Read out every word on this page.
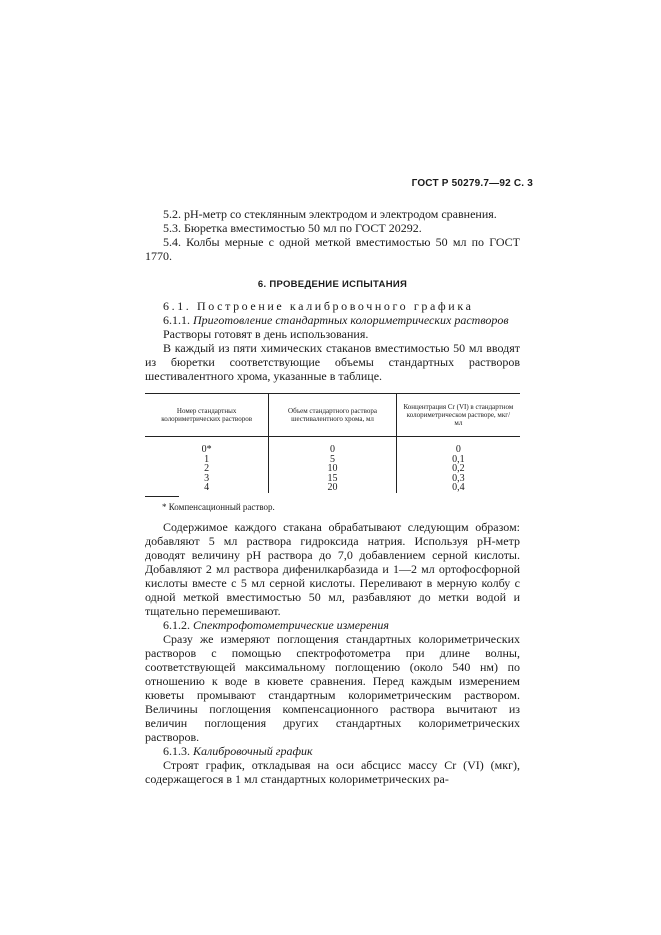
ГОСТ Р 50279.7—92 С. 3

5.2. pH-метр со стеклянным электродом и электродом сравнения.

5.3. Бюретка вместимостью 50 мл по ГОСТ 20292.

5.4. Колбы мерные с одной меткой вместимостью 50 мл по ГОСТ 1770.

6. ПРОВЕДЕНИЕ ИСПЫТАНИЯ

6.1. Построение калибровочного графика

6.1.1. Приготовление стандартных колориметрических растворов

Растворы готовят в день использования.

В каждый из пяти химических стаканов вместимостью 50 мл вводят из бюретки соответствующие объемы стандартных растворов шестивалентного хрома, указанные в таблице.

Номер стандартных колориметрических растворов	Объем стандартного раствора шестивалентного хрома, мл	Концентрация Cr (VI) в стандартном колориметрическом растворе, мкг/мл

0*	0	0
1	5	0,1
2	10	0,2
3	15	0,3
4	20	0,4
* Компенсационный раствор.

Содержимое каждого стакана обрабатывают следующим образом: добавляют 5 мл раствора гидроксида натрия. Используя pH-метр доводят величину pH раствора до 7,0 добавлением серной кислоты. Добавляют 2 мл раствора дифенилкарбазида и 1—2 мл ортофосфорной кислоты вместе с 5 мл серной кислоты. Переливают в мерную колбу с одной меткой вместимостью 50 мл, разбавляют до метки водой и тщательно перемешивают.

6.1.2. Спектрофотометрические измерения

Сразу же измеряют поглощения стандартных колориметрических растворов с помощью спектрофотометра при длине волны, соответствующей максимальному поглощению (около 540 нм) по отношению к воде в кювете сравнения. Перед каждым измерением кюветы промывают стандартным колориметрическим раствором. Величины поглощения компенсационного раствора вычитают из величин поглощения других стандартных колориметрических растворов.

6.1.3. Калибровочный график

Строят график, откладывая на оси абсцисс массу Cr (VI) (мкг), содержащегося в 1 мл стандартных колориметрических ра-
